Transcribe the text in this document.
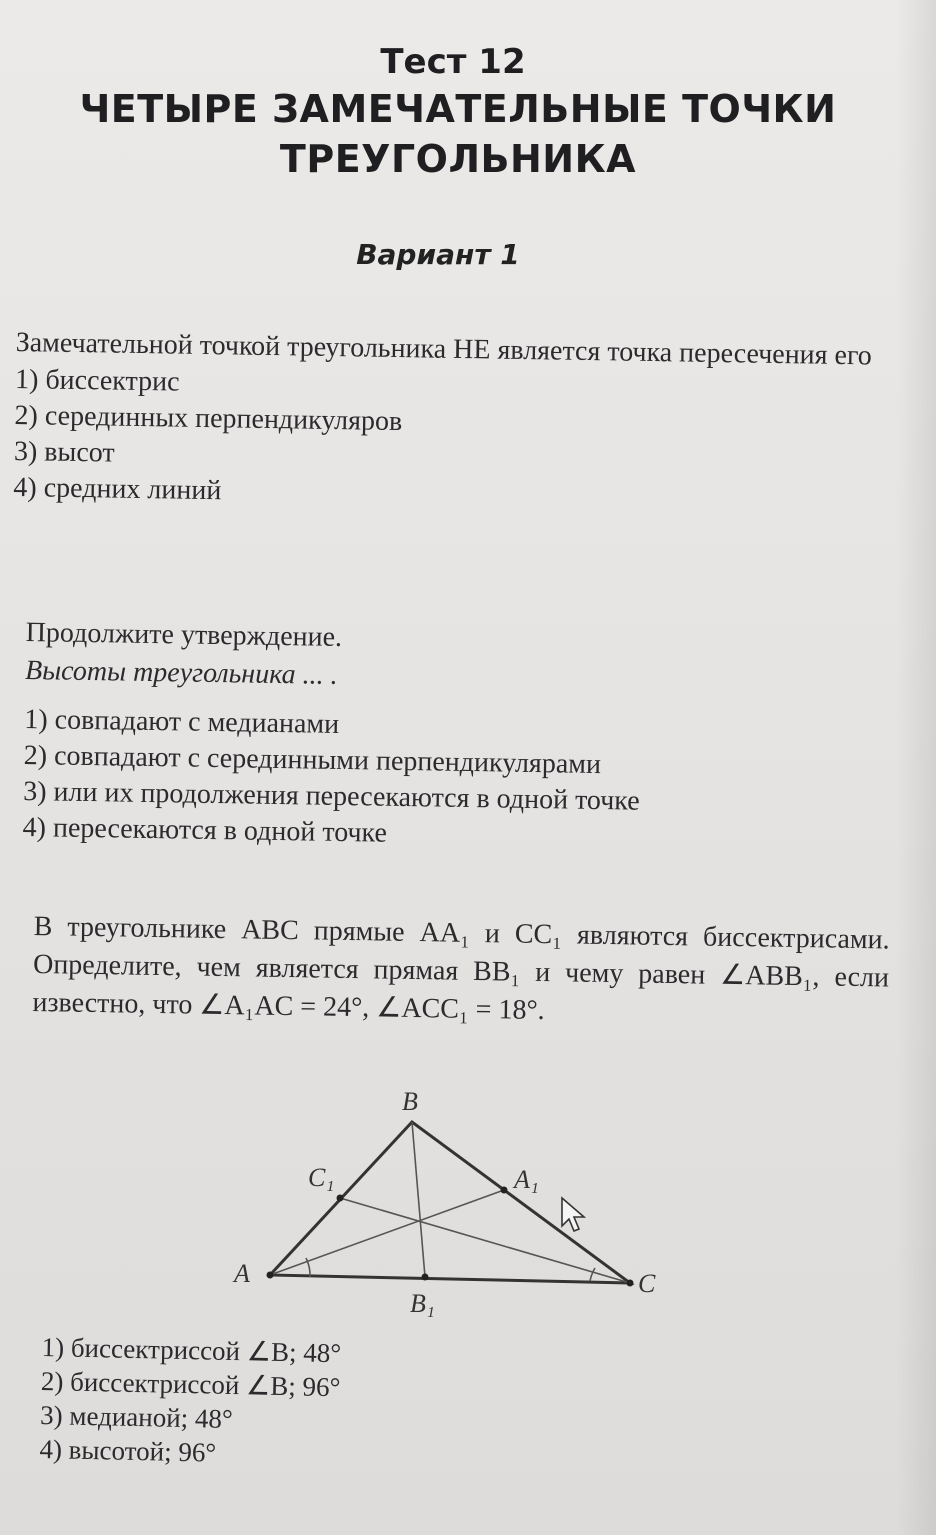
Тест 12
ЧЕТЫРЕ ЗАМЕЧАТЕЛЬНЫЕ ТОЧКИ
ТРЕУГОЛЬНИКА
Вариант 1
Замечательной точкой треугольника НЕ является точка пересечения его
1) биссектрис
2) серединных перпендикуляров
3) высот
4) средних линий
Продолжите утверждение.
Высоты треугольника ... .
1) совпадают с медианами
2) совпадают с серединными перпендикулярами
3) или их продолжения пересекаются в одной точке
4) пересекаются в одной точке
В треугольнике ABC прямые AA₁ и CC₁ являются биссектрисами. Определите, чем является прямая BB₁ и чему равен ∠ABB₁, если известно, что ∠A₁AC = 24°, ∠ACC₁ = 18°.
B
C₁	A₁
A	C
B₁
1) биссектриссой ∠B; 48°
2) биссектриссой ∠B; 96°
3) медианой; 48°
4) высотой; 96°
